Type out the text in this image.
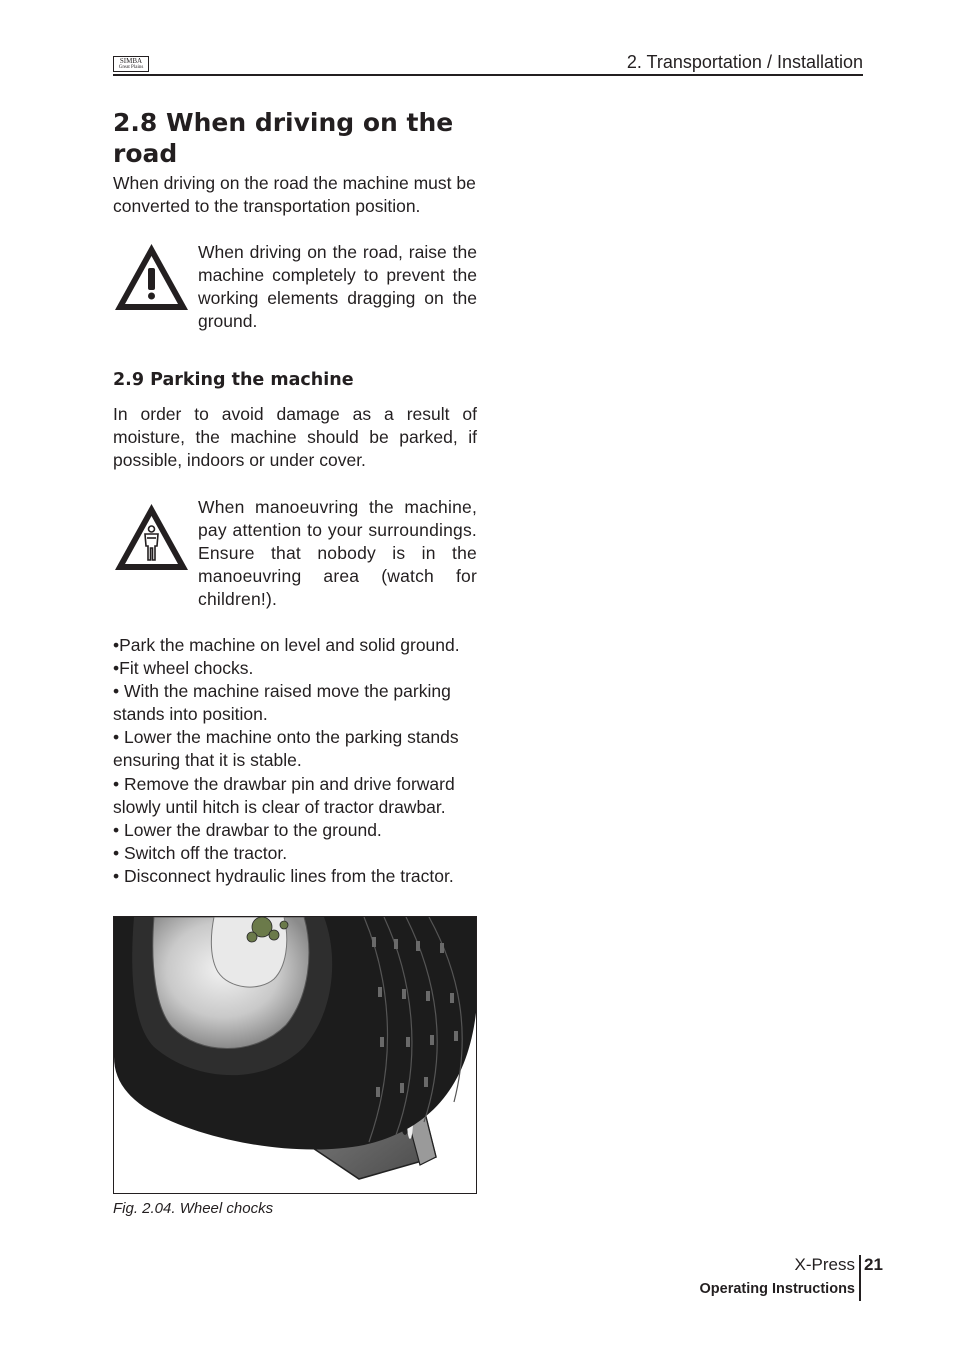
SIMBA
Great Plains	2. Transportation / Installation
2.8 When driving on the road

When driving on the road the machine must be converted to the transportation position.

When driving on the road, raise the machine completely to prevent the working elements dragging on the ground.

2.9 Parking the machine

In order to avoid damage as a result of moisture, the machine should be parked, if possible, indoors or under cover.

When manoeuvring the machine, pay attention to your surroundings. Ensure that nobody is in the manoeuvring area (watch for children!).

•Park the machine on level and solid ground.
•Fit wheel chocks.
• With the machine raised move the parking stands into position.
• Lower the machine onto the parking stands ensuring that it is stable.
• Remove the drawbar pin and drive forward slowly until hitch is clear of tractor drawbar.
• Lower the drawbar to the ground.
• Switch off the tractor.
• Disconnect hydraulic lines from the tractor.
Fig. 2.04. Wheel chocks
X-Press
Operating Instructions
21
